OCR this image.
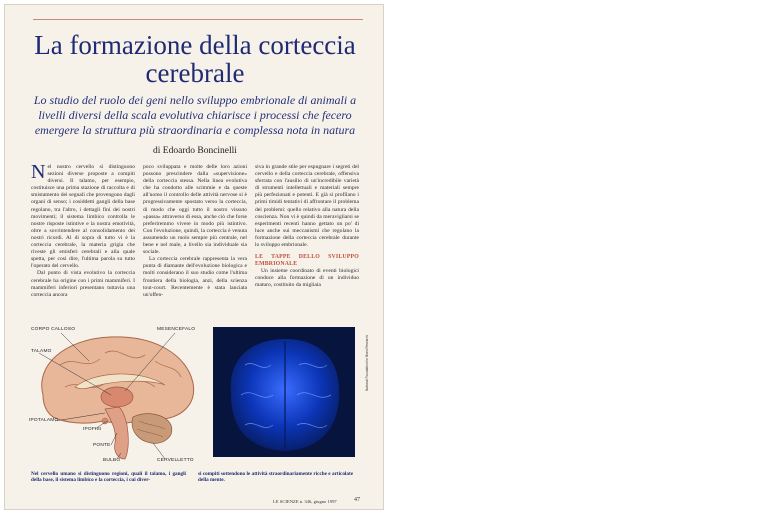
La formazione della corteccia cerebrale
Lo studio del ruolo dei geni nello sviluppo embrionale di animali a livelli diversi della scala evolutiva chiarisce i processi che fecero emergere la struttura più straordinaria e complessa nota in natura
di Edoardo Boncinelli
Nel nostro cervello si distinguono sezioni diverse proposte a compiti diversi. Il talamo, per esempio, costituisce una prima stazione di raccolta e di smistamento dei segnali che provengono dagli organi di senso; i cosiddetti gangli della base regolano, tra l'altro, i dettagli fini dei nostri movimenti; il sistema limbico controlla le nostre risposte istintive e la nostra emotività, oltre a sovrintendere al consolidamento dei nostri ricordi. Al di sopra di tutto vi è la corteccia cerebrale, la materia grigia che riveste gli emisferi cerebrali e alla quale spetta, per così dire, l'ultima parola su tutto l'operato del cervello.
Dal punto di vista evolutivo la corteccia cerebrale ha origine con i primi mammiferi. I mammiferi inferiori presentano tuttavia una corteccia ancora
poco sviluppata e molte delle loro azioni possono prescindere dalla «supervisione» della corteccia stessa. Nella linea evolutiva che ha condotto alle scimmie e da queste all'uomo il controllo delle attività nervose si è progressivamente spostato verso la corteccia, di modo che oggi tutto il nostro vissuto «passa» attraverso di essa, anche ciò che forse preferiremmo vivere in modo più istintivo. Con l'evoluzione, quindi, la corteccia è venuta assumendo un ruolo sempre più centrale, nel bene e nel male, a livello sia individuale sia sociale.
La corteccia cerebrale rappresenta la vera punta di diamante dell'evoluzione biologica e molti considerano il suo studio come l'ultima frontiera della biologia, anzi, della scienza tout-court. Recentemente è stata lanciata un'offen-
siva in grande stile per espugnare i segreti del cervello e della corteccia cerebrale, offensiva sferrata con l'ausilio di un'incredibile varietà di strumenti intellettuali e materiali sempre più perfezionati e potenti. E già si profilano i primi timidi tentativi di affrontare il problema dei problemi: quello relativo alla natura della coscienza. Non vi è quindi da meravigliarsi se esperimenti recenti hanno gettato un po' di luce anche sui meccanismi che regolano la formazione della corteccia cerebrale durante lo sviluppo embrionale.
LE TAPPE DELLO SVILUPPO EMBRIONALE
Un insieme coordinato di eventi biologici conduce alla formazione di un individuo maturo, costituito da migliaia
CORPO CALLOSO	MESENCEFALO
TALAMO
IPOTALAMO
IPOFISI
PONTE
BULBO	CERVELLETTO
National Foundation for Brain Research
Nel cervello umano si distinguono regioni, quali il talamo, i gangli della base, il sistema limbico e la corteccia, i cui diver-
si compiti sottendono le attività straordinariamente ricche e articolate della mente.
LE SCIENZE n. 346, giugno 1997	47
